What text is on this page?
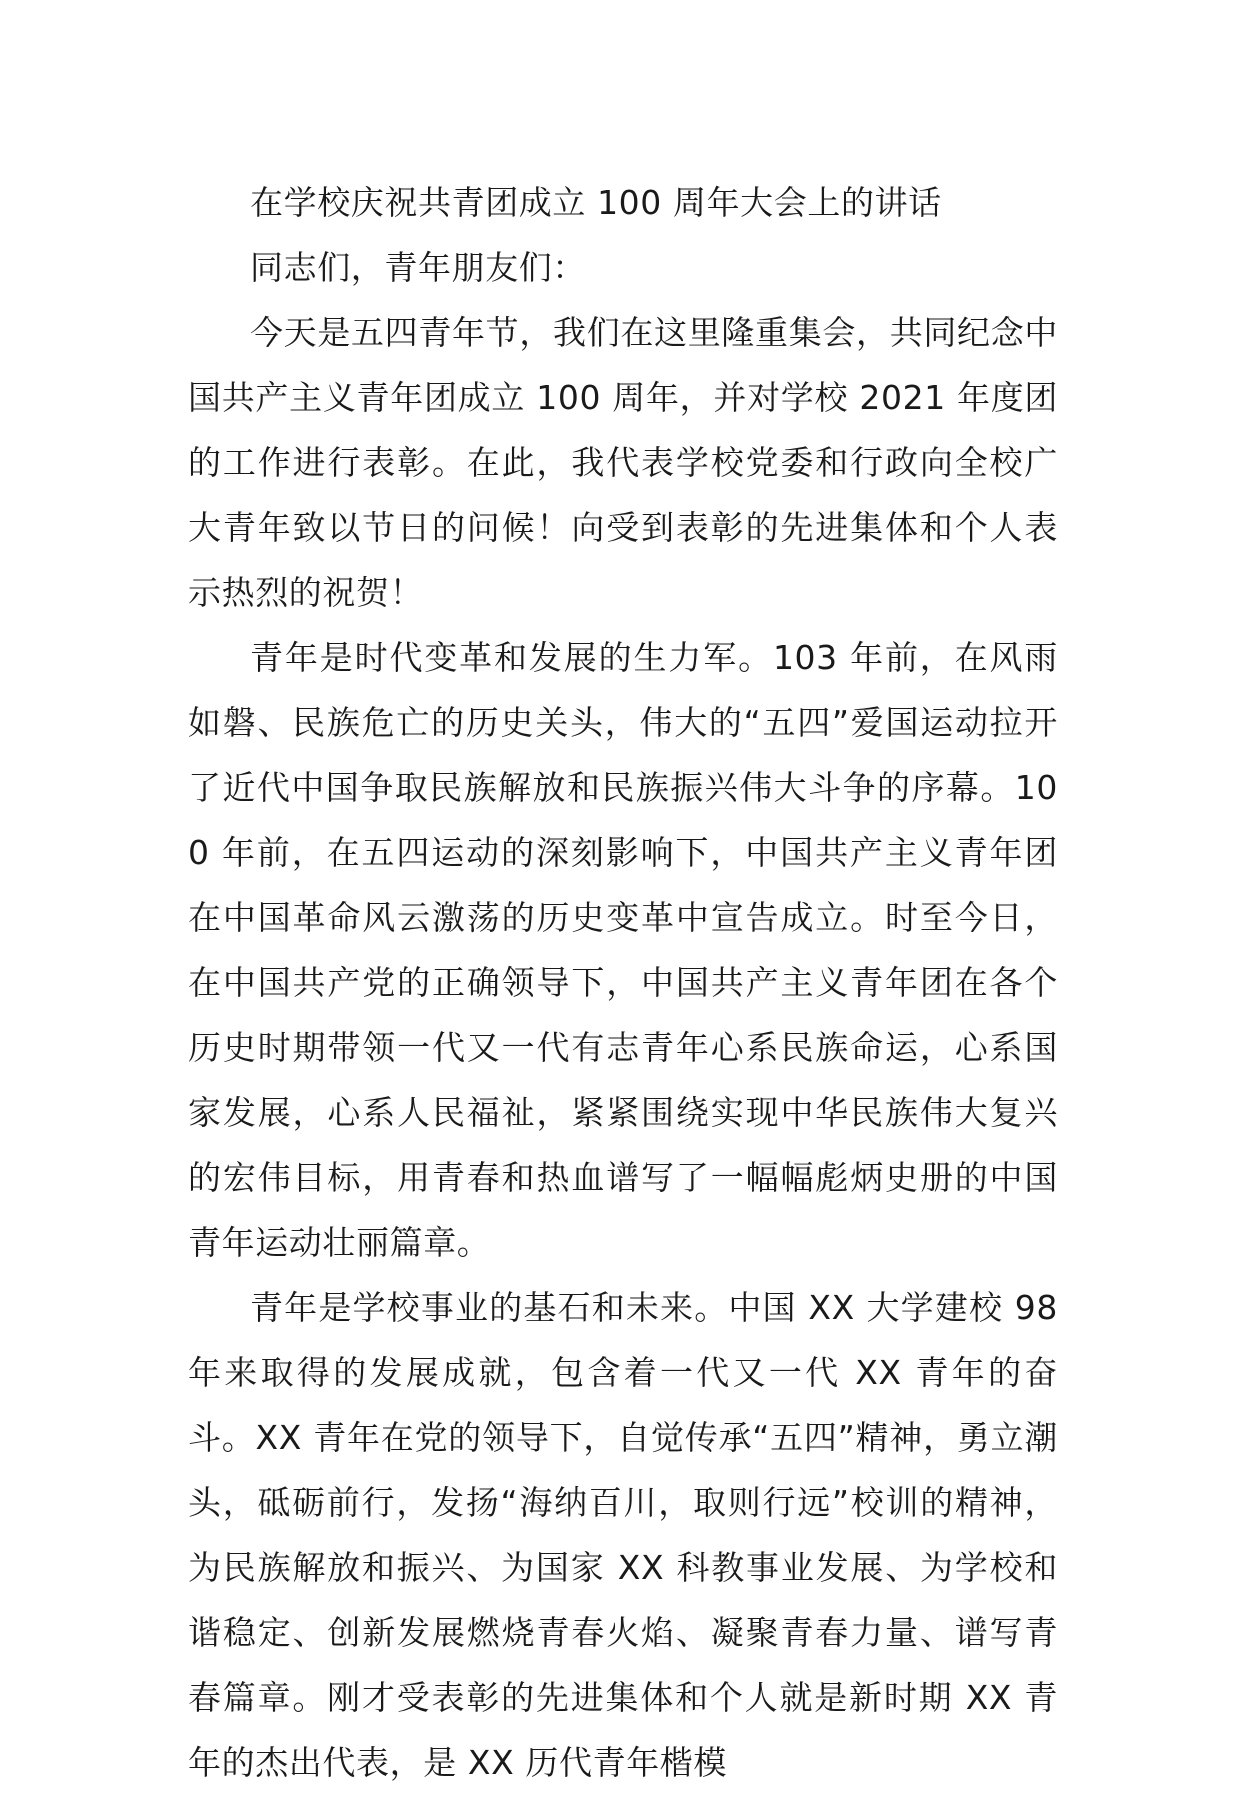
在学校庆祝共青团成立 100 周年大会上的讲话

同志们，青年朋友们：

今天是五四青年节，我们在这里隆重集会，共同纪念中国共产主义青年团成立 100 周年，并对学校 2021 年度团的工作进行表彰。在此，我代表学校党委和行政向全校广大青年致以节日的问候！向受到表彰的先进集体和个人表示热烈的祝贺！

青年是时代变革和发展的生力军。103 年前，在风雨如磐、民族危亡的历史关头，伟大的“五四”爱国运动拉开了近代中国争取民族解放和民族振兴伟大斗争的序幕。100 年前，在五四运动的深刻影响下，中国共产主义青年团在中国革命风云激荡的历史变革中宣告成立。时至今日，在中国共产党的正确领导下，中国共产主义青年团在各个历史时期带领一代又一代有志青年心系民族命运，心系国家发展，心系人民福祉，紧紧围绕实现中华民族伟大复兴的宏伟目标，用青春和热血谱写了一幅幅彪炳史册的中国青年运动壮丽篇章。

青年是学校事业的基石和未来。中国 XX 大学建校 98 年来取得的发展成就，包含着一代又一代 XX 青年的奋斗。XX 青年在党的领导下，自觉传承“五四”精神，勇立潮头，砥砺前行，发扬“海纳百川，取则行远”校训的精神，为民族解放和振兴、为国家 XX 科教事业发展、为学校和谐稳定、创新发展燃烧青春火焰、凝聚青春力量、谱写青春篇章。刚才受表彰的先进集体和个人就是新时期 XX 青年的杰出代表，是 XX 历代青年楷模
